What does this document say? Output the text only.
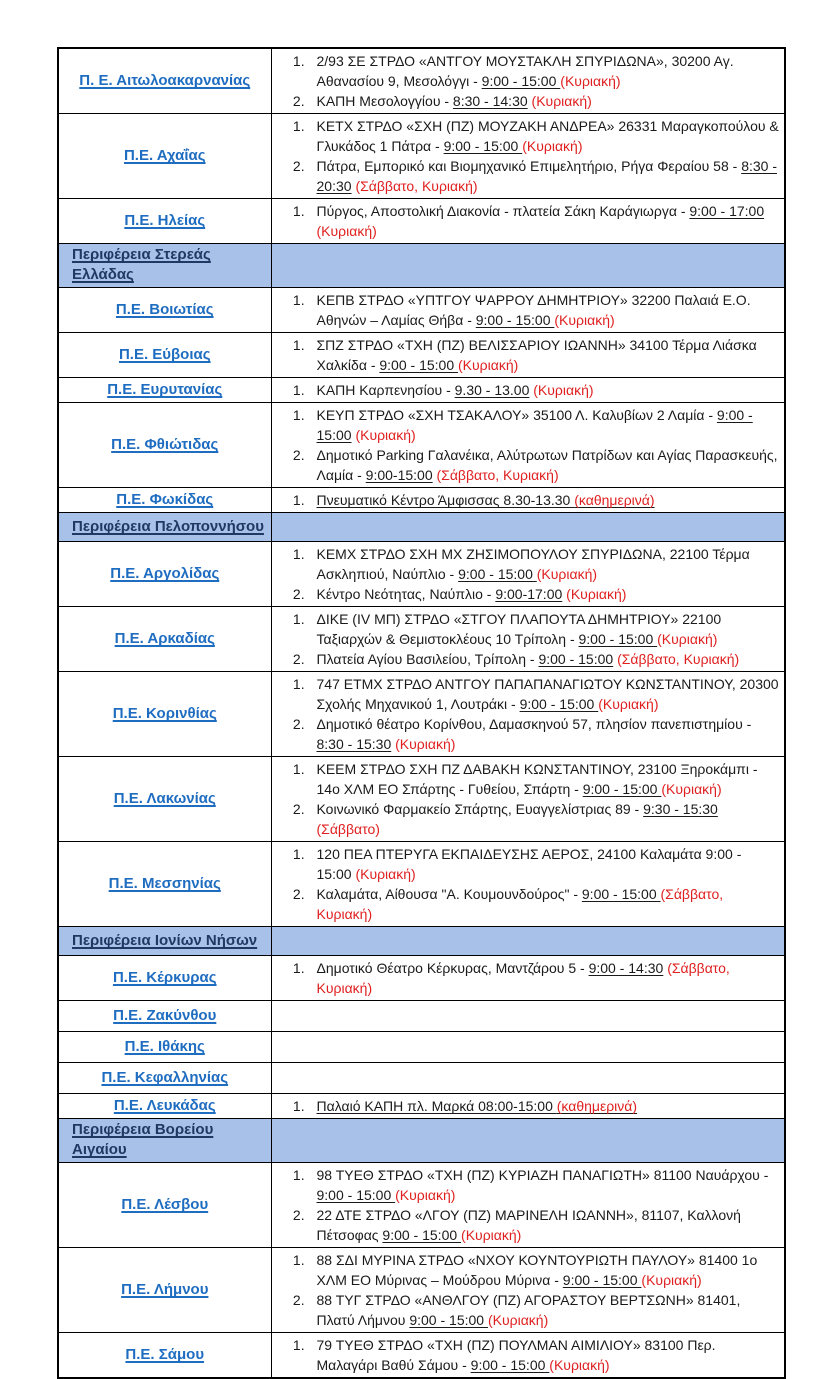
Π. Ε. Αιτωλοακαρνανίας	
1. 2/93 ΣΕ ΣΤΡΔΟ «ΑΝΤΓΟΥ ΜΟΥΣΤΑΚΛΗ ΣΠΥΡΙΔΩΝΑ», 30200 Αγ. Αθανασίου 9, Μεσολόγγι - 9:00 - 15:00 (Κυριακή)
2. ΚΑΠΗ Μεσολογγίου - 8:30 - 14:30 (Κυριακή)

Π.Ε. Αχαΐας	
1. ΚΕΤΧ ΣΤΡΔΟ «ΣΧΗ (ΠΖ) ΜΟΥΖΑΚΗ ΑΝΔΡΕΑ» 26331 Μαραγκοπούλου & Γλυκάδος 1 Πάτρα - 9:00 - 15:00 (Κυριακή)
2. Πάτρα, Εμπορικό και Βιομηχανικό Επιμελητήριο, Ρήγα Φεραίου 58 - 8:30 - 20:30 (Σάββατο, Κυριακή)

Π.Ε. Ηλείας	
1. Πύργος, Αποστολική Διακονία - πλατεία Σάκη Καράγιωργα - 9:00 - 17:00 (Κυριακή)

Περιφέρεια Στερεάς Ελλάδας	
Π.Ε. Βοιωτίας	
1. ΚΕΠΒ ΣΤΡΔΟ «ΥΠΤΓΟΥ ΨΑΡΡΟΥ ΔΗΜΗΤΡΙΟΥ» 32200 Παλαιά Ε.Ο. Αθηνών – Λαμίας Θήβα - 9:00 - 15:00 (Κυριακή)

Π.Ε. Εύβοιας	
1. ΣΠΖ ΣΤΡΔΟ «ΤΧΗ (ΠΖ) ΒΕΛΙΣΣΑΡΙΟΥ ΙΩΑΝΝΗ» 34100 Τέρμα Λιάσκα Χαλκίδα - 9:00 - 15:00 (Κυριακή)

Π.Ε. Ευρυτανίας	
1.ΚΑΠΗ Καρπενησίου - 9.30 - 13.00 (Κυριακή)

Π.Ε. Φθιώτιδας	
1. ΚΕΥΠ ΣΤΡΔΟ «ΣΧΗ ΤΣΑΚΑΛΟΥ» 35100 Λ. Καλυβίων 2 Λαμία - 9:00 - 15:00 (Κυριακή)
2. Δημοτικό Parking Γαλανέικα, Αλύτρωτων Πατρίδων και Αγίας Παρασκευής, Λαμία - 9:00-15:00 (Σάββατο, Κυριακή)

Π.Ε. Φωκίδας	
1.Πνευματικό Κέντρο Άμφισσας 8.30-13.30 (καθημερινά)

Περιφέρεια Πελοποννήσου	
Π.Ε. Αργολίδας	
1. ΚΕΜΧ ΣΤΡΔΟ ΣΧΗ ΜΧ ΖΗΣΙΜΟΠΟΥΛΟΥ ΣΠΥΡΙΔΩΝΑ, 22100 Τέρμα Ασκληπιού, Ναύπλιο - 9:00 - 15:00 (Κυριακή)
2. Κέντρο Νεότητας, Ναύπλιο - 9:00-17:00 (Κυριακή)

Π.Ε. Αρκαδίας	
1. ΔΙΚΕ (ΙV ΜΠ) ΣΤΡΔΟ «ΣΤΓΟΥ ΠΛΑΠΟΥΤΑ ΔΗΜΗΤΡΙΟΥ» 22100 Ταξιαρχών & Θεμιστοκλέους 10 Τρίπολη - 9:00 - 15:00 (Κυριακή)
2. Πλατεία Αγίου Βασιλείου, Τρίπολη - 9:00 - 15:00 (Σάββατο, Κυριακή)

Π.Ε. Κορινθίας	
1. 747 ΕΤΜΧ ΣΤΡΔΟ ΑΝΤΓΟΥ ΠΑΠΑΠΑΝΑΓΙΩΤΟΥ ΚΩΝΣΤΑΝΤΙΝΟΥ, 20300 Σχολής Μηχανικού 1, Λουτράκι - 9:00 - 15:00 (Κυριακή)
2. Δημοτικό θέατρο Κορίνθου, Δαμασκηνού 57, πλησίον πανεπιστημίου - 8:30 - 15:30 (Κυριακή)

Π.Ε. Λακωνίας	
1. ΚΕΕΜ ΣΤΡΔΟ ΣΧΗ ΠΖ ΔΑΒΑΚΗ ΚΩΝΣΤΑΝΤΙΝΟΥ, 23100 Ξηροκάμπι - 14ο ΧΛΜ ΕΟ Σπάρτης - Γυθείου, Σπάρτη - 9:00 - 15:00 (Κυριακή)
2. Κοινωνικό Φαρμακείο Σπάρτης, Ευαγγελίστριας 89 - 9:30 - 15:30 (Σάββατο)

Π.Ε. Μεσσηνίας	
1. 120 ΠΕΑ ΠΤΕΡΥΓΑ ΕΚΠΑΙΔΕΥΣΗΣ ΑΕΡΟΣ, 24100 Καλαμάτα 9:00 - 15:00 (Κυριακή)
2. Καλαμάτα, Αίθουσα "Α. Κουμουνδούρος" - 9:00 - 15:00 (Σάββατο, Κυριακή)

Περιφέρεια Ιονίων Νήσων	
Π.Ε. Κέρκυρας	
1. Δημοτικό Θέατρο Κέρκυρας, Μαντζάρου 5 - 9:00 - 14:30 (Σάββατο, Κυριακή)

Π.Ε. Ζακύνθου	
Π.Ε. Ιθάκης	
Π.Ε. Κεφαλληνίας	
Π.Ε. Λευκάδας	
1.Παλαιό ΚΑΠΗ πλ. Μαρκά 08:00-15:00 (καθημερινά)

Περιφέρεια Βορείου Αιγαίου	
Π.Ε. Λέσβου	
1. 98 ΤΥΕΘ ΣΤΡΔΟ «ΤΧΗ (ΠΖ) ΚΥΡΙΑΖΗ ΠΑΝΑΓΙΩΤΗ» 81100 Ναυάρχου - 9:00 - 15:00 (Κυριακή)
2. 22 ΔΤΕ ΣΤΡΔΟ «ΛΓΟΥ (ΠΖ) ΜΑΡΙΝΕΛΗ ΙΩΑΝΝΗ», 81107, Καλλονή Πέτσοφας 9:00 - 15:00 (Κυριακή)

Π.Ε. Λήμνου	
1. 88 ΣΔΙ ΜΥΡΙΝΑ ΣΤΡΔΟ «ΝΧΟΥ ΚΟΥΝΤΟΥΡΙΩΤΗ ΠΑΥΛΟΥ» 81400 1ο ΧΛΜ ΕΟ Μύρινας – Μούδρου Μύρινα - 9:00 - 15:00 (Κυριακή)
2. 88 ΤΥΓ ΣΤΡΔΟ «ΑΝΘΛΓΟΥ (ΠΖ) ΑΓΟΡΑΣΤΟΥ ΒΕΡΤΣΩΝΗ» 81401, Πλατύ Λήμνου 9:00 - 15:00 (Κυριακή)

Π.Ε. Σάμου	
1. 79 ΤΥΕΘ ΣΤΡΔΟ «ΤΧΗ (ΠΖ) ΠΟΥΛΜΑΝ ΑΙΜΙΛΙΟΥ» 83100 Περ. Μαλαγάρι Βαθύ Σάμου - 9:00 - 15:00 (Κυριακή)
